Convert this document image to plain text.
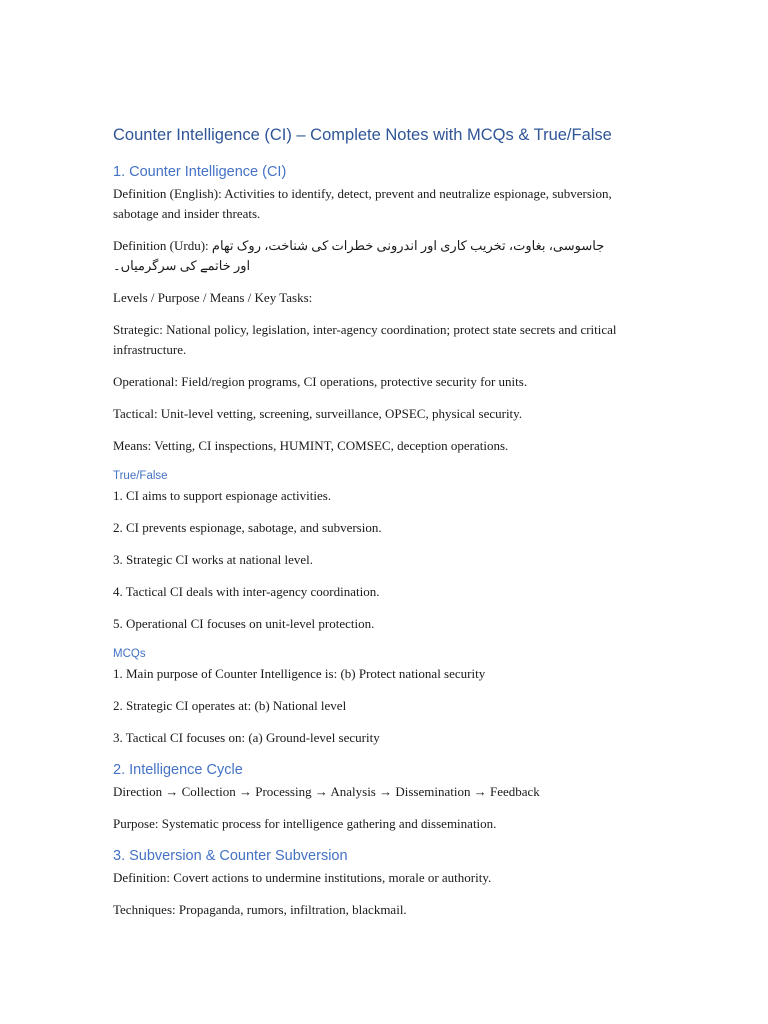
Counter Intelligence (CI) – Complete Notes with MCQs & True/False
1. Counter Intelligence (CI)

Definition (English): Activities to identify, detect, prevent and neutralize espionage, subversion, sabotage and insider threats.

Definition (Urdu): جاسوسی، بغاوت، تخریب کاری اور اندرونی خطرات کی شناخت، روک تھام
اور خاتمے کی سرگرمیاں۔

Levels / Purpose / Means / Key Tasks:

Strategic: National policy, legislation, inter-agency coordination; protect state secrets and critical infrastructure.

Operational: Field/region programs, CI operations, protective security for units.

Tactical: Unit-level vetting, screening, surveillance, OPSEC, physical security.

Means: Vetting, CI inspections, HUMINT, COMSEC, deception operations.

True/False

1. CI aims to support espionage activities.

2. CI prevents espionage, sabotage, and subversion.

3. Strategic CI works at national level.

4. Tactical CI deals with inter-agency coordination.

5. Operational CI focuses on unit-level protection.

MCQs

1. Main purpose of Counter Intelligence is: (b) Protect national security

2. Strategic CI operates at: (b) National level

3. Tactical CI focuses on: (a) Ground-level security

2. Intelligence Cycle

Direction → Collection → Processing → Analysis → Dissemination → Feedback

Purpose: Systematic process for intelligence gathering and dissemination.

3. Subversion & Counter Subversion

Definition: Covert actions to undermine institutions, morale or authority.

Techniques: Propaganda, rumors, infiltration, blackmail.
